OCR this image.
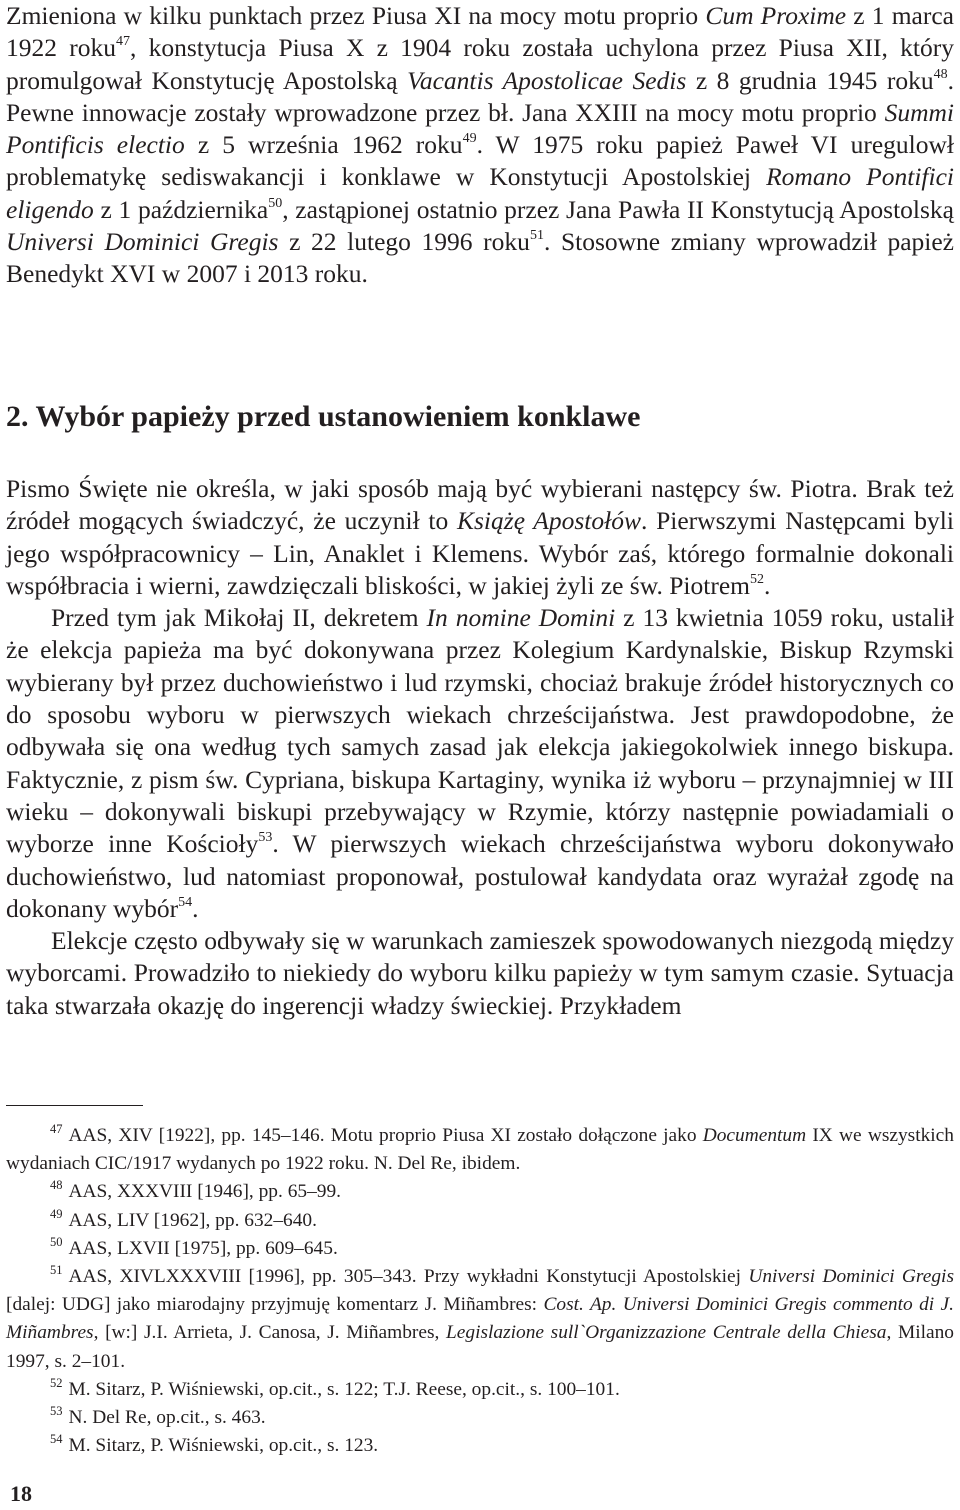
Zmieniona w kilku punktach przez Piusa XI na mocy motu proprio Cum Proxime z 1 marca 1922 roku$^{47}$, konstytucja Piusa X z 1904 roku została uchylona przez Piusa XII, który promulgował Konstytucję Apostolską Vacantis Apostolicae Sedis z 8 grudnia 1945 roku$^{48}$. Pewne innowacje zostały wprowadzone przez bł. Jana XXIII na mocy motu proprio Summi Pontificis electio z 5 września 1962 roku$^{49}$. W 1975 roku papież Paweł VI uregulowł problematykę sediswakancji i konklawe w Konstytucji Apostolskiej Romano Pontifici eligendo z 1 października$^{50}$, zastąpionej ostatnio przez Jana Pawła II Konstytucją Apostolską Universi Dominici Gregis z 22 lutego 1996 roku$^{51}$. Stosowne zmiany wprowadził papież Benedykt XVI w 2007 i 2013 roku.

2. Wybór papieży przed ustanowieniem konklawe

Pismo Święte nie określa, w jaki sposób mają być wybierani następcy św. Piotra. Brak też źródeł mogących świadczyć, że uczynił to Książę Apostołów. Pierwszymi Następcami byli jego współpracownicy – Lin, Anaklet i Klemens. Wybór zaś, którego formalnie dokonali współbracia i wierni, zawdzięczali bliskości, w jakiej żyli ze św. Piotrem$^{52}$.

Przed tym jak Mikołaj II, dekretem In nomine Domini z 13 kwietnia 1059 roku, ustalił że elekcja papieża ma być dokonywana przez Kolegium Kardynalskie, Biskup Rzymski wybierany był przez duchowieństwo i lud rzymski, chociaż brakuje źródeł historycznych co do sposobu wyboru w pierwszych wiekach chrześcijaństwa. Jest prawdopodobne, że odbywała się ona według tych samych zasad jak elekcja jakiegokolwiek innego biskupa. Faktycznie, z pism św. Cypriana, biskupa Kartaginy, wynika iż wyboru – przynajmniej w III wieku – dokonywali biskupi przebywający w Rzymie, którzy następnie powiadamiali o wyborze inne Kościoły$^{53}$. W pierwszych wiekach chrześcijaństwa wyboru dokonywało duchowieństwo, lud natomiast proponował, postulował kandydata oraz wyrażał zgodę na dokonany wybór$^{54}$.

Elekcje często odbywały się w warunkach zamieszek spowodowanych niezgodą między wyborcami. Prowadziło to niekiedy do wyboru kilku papieży w tym samym czasie. Sytuacja taka stwarzała okazję do ingerencji władzy świeckiej. Przykładem

$^{47}$ AAS, XIV [1922], pp. 145–146. Motu proprio Piusa XI zostało dołączone jako Documentum IX we wszystkich wydaniach CIC/1917 wydanych po 1922 roku. N. Del Re, ibidem.

$^{48}$ AAS, XXXVIII [1946], pp. 65–99.

$^{49}$ AAS, LIV [1962], pp. 632–640.

$^{50}$ AAS, LXVII [1975], pp. 609–645.

$^{51}$ AAS, XIVLXXXVIII [1996], pp. 305–343. Przy wykładni Konstytucji Apostolskiej Universi Dominici Gregis [dalej: UDG] jako miarodajny przyjmuję komentarz J. Miñambres: Cost. Ap. Universi Dominici Gregis commento di J. Miñambres, [w:] J.I. Arrieta, J. Canosa, J. Miñambres, Legislazione sull`Organizzazione Centrale della Chiesa, Milano 1997, s. 2–101.

$^{52}$ M. Sitarz, P. Wiśniewski, op.cit., s. 122; T.J. Reese, op.cit., s. 100–101.

$^{53}$ N. Del Re, op.cit., s. 463.

$^{54}$ M. Sitarz, P. Wiśniewski, op.cit., s. 123.

18
